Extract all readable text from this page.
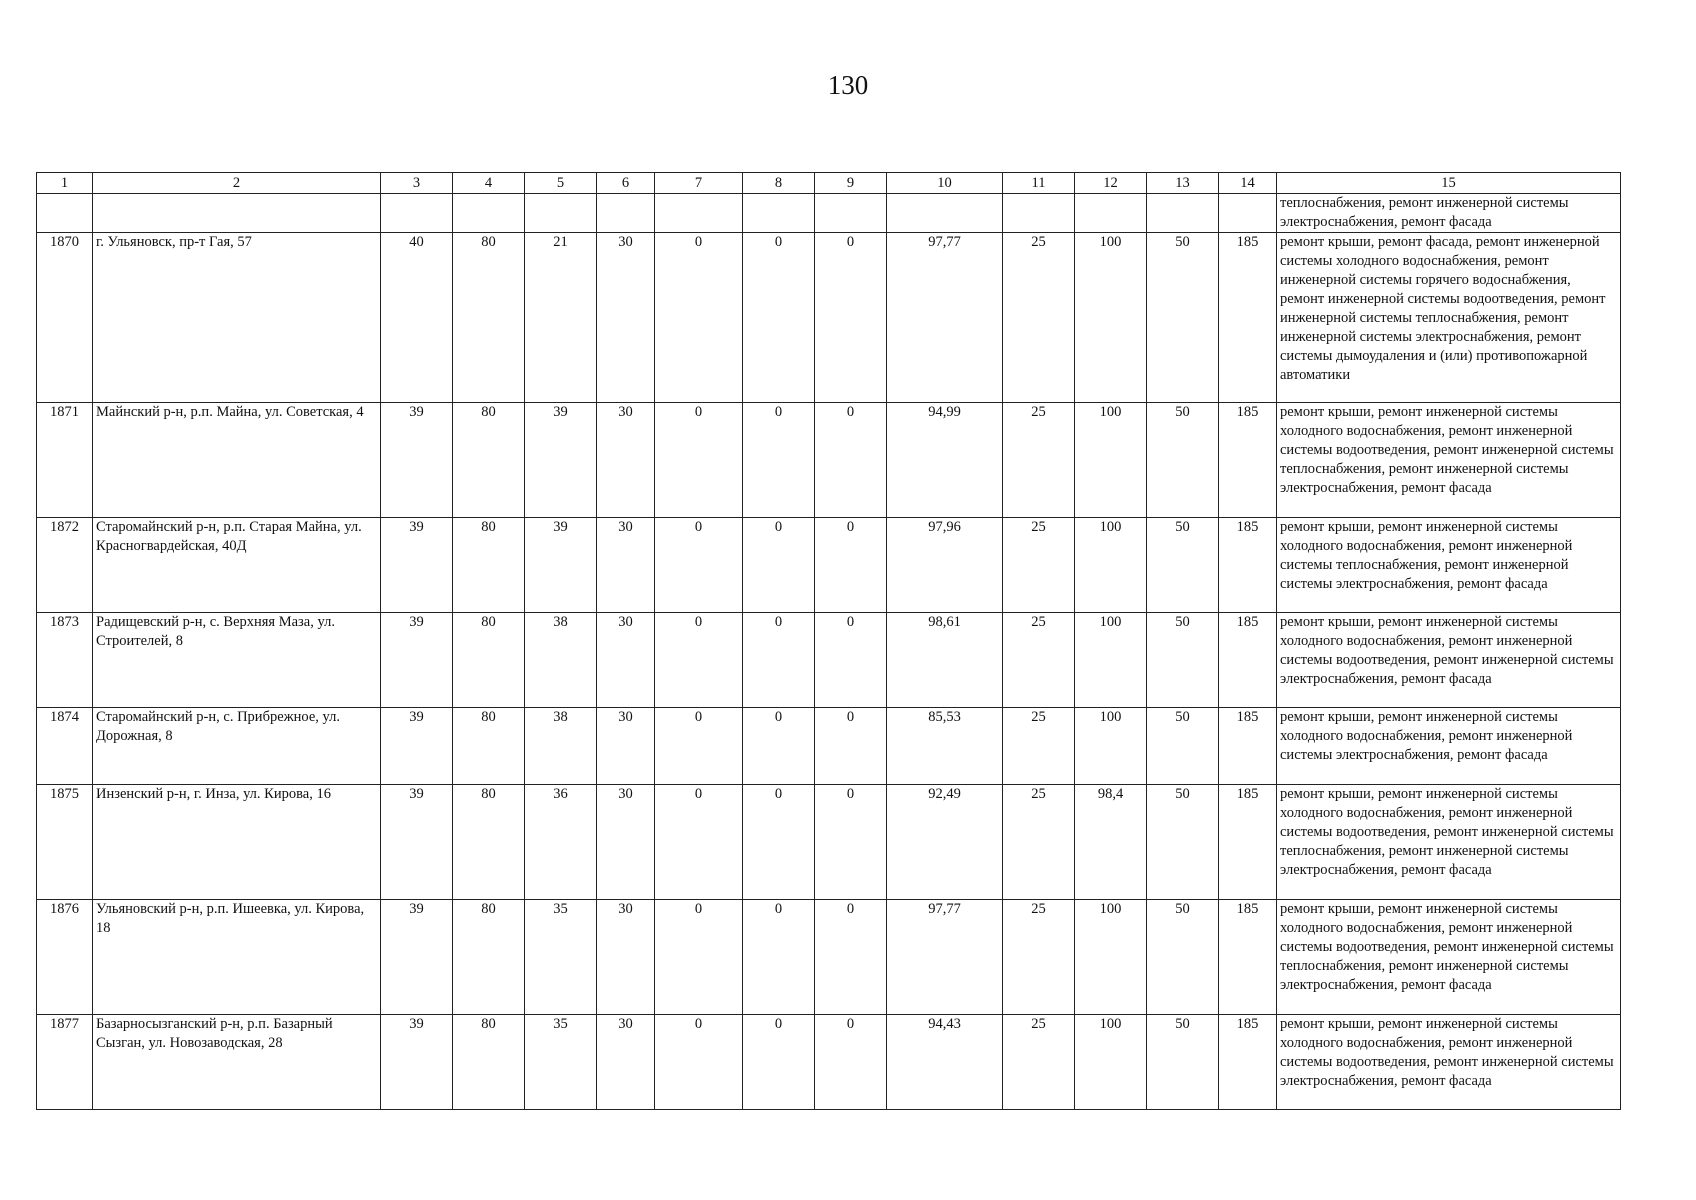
130
1	2	3	4	5	6	7	8	9	10	11	12	13	14	15
														теплоснабжения, ремонт инженерной системы электроснабжения, ремонт фасада
1870	г. Ульяновск, пр-т Гая, 57	40	80	21	30	0	0	0	97,77	25	100	50	185	ремонт крыши, ремонт фасада, ремонт инженерной системы холодного водоснабжения, ремонт инженерной системы горячего водоснабжения, ремонт инженерной системы водоотведения, ремонт инженерной системы теплоснабжения, ремонт инженерной системы электроснабжения, ремонт системы дымоудаления и (или) противопожарной автоматики
1871	Майнский р-н, р.п. Майна, ул. Советская, 4	39	80	39	30	0	0	0	94,99	25	100	50	185	ремонт крыши, ремонт инженерной системы холодного водоснабжения, ремонт инженерной системы водоотведения, ремонт инженерной системы теплоснабжения, ремонт инженерной системы электроснабжения, ремонт фасада
1872	Старомайнский р-н, р.п. Старая Майна, ул. Красногвардейская, 40Д	39	80	39	30	0	0	0	97,96	25	100	50	185	ремонт крыши, ремонт инженерной системы холодного водоснабжения, ремонт инженерной системы теплоснабжения, ремонт инженерной системы электроснабжения, ремонт фасада
1873	Радищевский р-н, с. Верхняя Маза, ул. Строителей, 8	39	80	38	30	0	0	0	98,61	25	100	50	185	ремонт крыши, ремонт инженерной системы холодного водоснабжения, ремонт инженерной системы водоотведения, ремонт инженерной системы электроснабжения, ремонт фасада
1874	Старомайнский р-н, с. Прибрежное, ул. Дорожная, 8	39	80	38	30	0	0	0	85,53	25	100	50	185	ремонт крыши, ремонт инженерной системы холодного водоснабжения, ремонт инженерной системы электроснабжения, ремонт фасада
1875	Инзенский р-н, г. Инза, ул. Кирова, 16	39	80	36	30	0	0	0	92,49	25	98,4	50	185	ремонт крыши, ремонт инженерной системы холодного водоснабжения, ремонт инженерной системы водоотведения, ремонт инженерной системы теплоснабжения, ремонт инженерной системы электроснабжения, ремонт фасада
1876	Ульяновский р-н, р.п. Ишеевка, ул. Кирова, 18	39	80	35	30	0	0	0	97,77	25	100	50	185	ремонт крыши, ремонт инженерной системы холодного водоснабжения, ремонт инженерной системы водоотведения, ремонт инженерной системы теплоснабжения, ремонт инженерной системы электроснабжения, ремонт фасада
1877	Базарносызганский р-н, р.п. Базарный Сызган, ул. Новозаводская, 28	39	80	35	30	0	0	0	94,43	25	100	50	185	ремонт крыши, ремонт инженерной системы холодного водоснабжения, ремонт инженерной системы водоотведения, ремонт инженерной системы электроснабжения, ремонт фасада
